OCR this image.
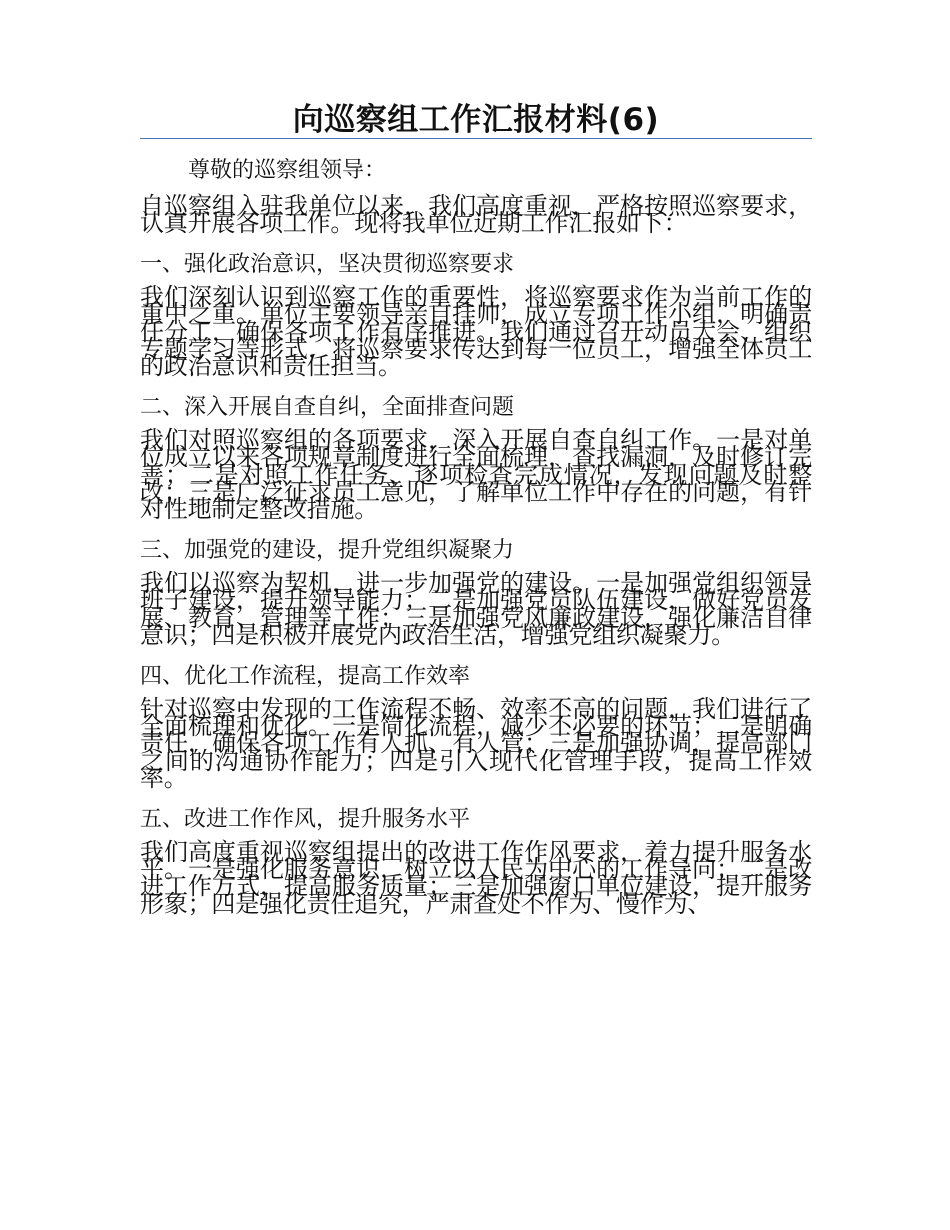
向巡察组工作汇报材料(6)

尊敬的巡察组领导：

自巡察组入驻我单位以来，我们高度重视，严格按照巡察要求，认真开展各项工作。现将我单位近期工作汇报如下：

一、强化政治意识，坚决贯彻巡察要求

我们深刻认识到巡察工作的重要性，将巡察要求作为当前工作的重中之重。单位主要领导亲自挂帅，成立专项工作小组，明确责任分工，确保各项工作有序推进。我们通过召开动员大会、组织专题学习等形式，将巡察要求传达到每一位员工，增强全体员工的政治意识和责任担当。

二、深入开展自查自纠，全面排查问题

我们对照巡察组的各项要求，深入开展自查自纠工作。一是对单位成立以来各项规章制度进行全面梳理，查找漏洞，及时修订完善；二是对照工作任务，逐项检查完成情况，发现问题及时整改；三是广泛征求员工意见，了解单位工作中存在的问题，有针对性地制定整改措施。

三、加强党的建设，提升党组织凝聚力

我们以巡察为契机，进一步加强党的建设。一是加强党组织领导班子建设，提升领导能力；二是加强党员队伍建设，做好党员发展、教育、管理等工作；三是加强党风廉政建设，强化廉洁自律意识；四是积极开展党内政治生活，增强党组织凝聚力。

四、优化工作流程，提高工作效率

针对巡察中发现的工作流程不畅、效率不高的问题，我们进行了全面梳理和优化。一是简化流程，减少不必要的环节；二是明确责任，确保各项工作有人抓、有人管；三是加强协调，提高部门之间的沟通协作能力；四是引入现代化管理手段，提高工作效率。

五、改进工作作风，提升服务水平

我们高度重视巡察组提出的改进工作作风要求，着力提升服务水平。一是强化服务意识，树立以人民为中心的工作导向；二是改进工作方式，提高服务质量；三是加强窗口单位建设，提升服务形象；四是强化责任追究，严肃查处不作为、慢作为、
